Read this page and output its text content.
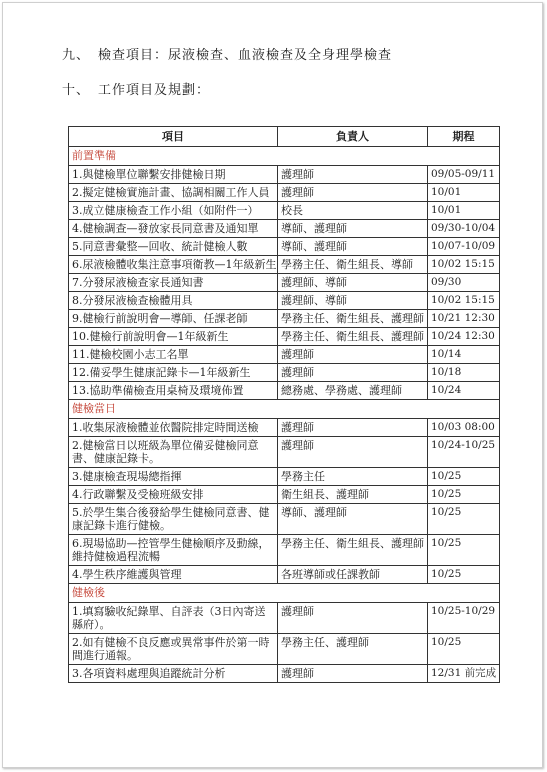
九、 檢查項目：尿液檢查、血液檢查及全身理學檢查
十、 工作項目及規劃：
項目	負責人	期程
前置準備		
1.與健檢單位聯繫安排健檢日期	護理師	09/05-09/11
2.擬定健檢實施計畫、協調相關工作人員	護理師	10/01
3.成立健康檢查工作小組（如附件一）	校長	10/01
4.健檢調查—發放家長同意書及通知單	導師、護理師	09/30-10/04
5.同意書彙整—回收、統計健檢人數	導師、護理師	10/07-10/09
6.尿液檢體收集注意事項衛教—1年級新生	學務主任、衛生組長、導師	10/02 15:15
7.分發尿液檢查家長通知書	護理師、導師	09/30
8.分發尿液檢查檢體用具	護理師、導師	10/02 15:15
9.健檢行前說明會—導師、任課老師	學務主任、衛生組長、護理師	10/21 12:30
10.健檢行前說明會—1年級新生	學務主任、衛生組長、護理師	10/24 12:30
11.健檢校園小志工名單	護理師	10/14
12.備妥學生健康記錄卡—1年級新生	護理師	10/18
13.協助準備檢查用桌椅及環境佈置	總務處、學務處、護理師	10/24
健檢當日		
1.收集尿液檢體並依醫院排定時間送檢	護理師	10/03 08:00
2.健檢當日以班級為單位備妥健檢同意書、健康記錄卡。	護理師	10/24-10/25
3.健康檢查現場總指揮	學務主任	10/25
4.行政聯繫及受檢班級安排	衛生組長、護理師	10/25
5.於學生集合後發給學生健檢同意書、健康記錄卡進行健檢。	導師、護理師	10/25
6.現場協助—控管學生健檢順序及動線，維持健檢過程流暢	學務主任、衛生組長、護理師	10/25
4.學生秩序維護與管理	各班導師或任課教師	10/25
健檢後		
1.填寫驗收紀錄單、自評表（3日內寄送縣府）。	護理師	10/25-10/29
2.如有健檢不良反應或異常事件於第一時間進行通報。	學務主任、護理師	10/25
3.各項資料處理與追蹤統計分析	護理師	12/31 前完成
